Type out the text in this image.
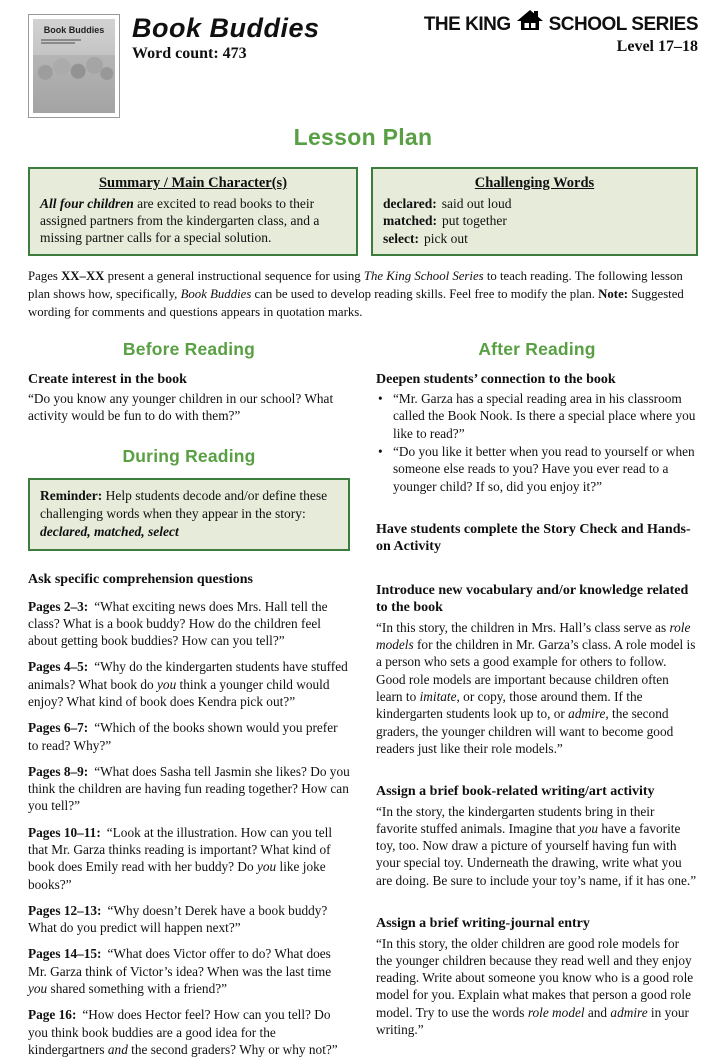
Book Buddies	Book Buddies
Word count: 473
THE KING SCHOOL SERIES
Level 17–18
Lesson Plan
Summary / Main Character(s)
All four children are excited to read books to their assigned partners from the kindergarten class, and a missing partner calls for a special solution.
Challenging Words
declared: said out loud
matched: put together
select: pick out

Pages XX–XX present a general instructional sequence for using The King School Series to teach reading. The following lesson plan shows how, specifically, Book Buddies can be used to develop reading skills. Feel free to modify the plan. Note: Suggested wording for comments and questions appears in quotation marks.

Before Reading
Create interest in the book

“Do you know any younger children in our school? What activity would be fun to do with them?”

During Reading
Reminder: Help students decode and/or define these challenging words when they appear in the story: declared, matched, select
Ask specific comprehension questions

Pages 2–3: “What exciting news does Mrs. Hall tell the class? What is a book buddy? How do the children feel about getting book buddies? How can you tell?”

Pages 4–5: “Why do the kindergarten students have stuffed animals? What book do you think a younger child would enjoy? What kind of book does Kendra pick out?”

Pages 6–7: “Which of the books shown would you prefer to read? Why?”

Pages 8–9: “What does Sasha tell Jasmin she likes? Do you think the children are having fun reading together? How can you tell?”

Pages 10–11: “Look at the illustration. How can you tell that Mr. Garza thinks reading is important? What kind of book does Emily read with her buddy? Do you like joke books?”

Pages 12–13: “Why doesn’t Derek have a book buddy? What do you predict will happen next?”

Pages 14–15: “What does Victor offer to do? What does Mr. Garza think of Victor’s idea? When was the last time you shared something with a friend?”

Page 16: “How does Hector feel? How can you tell? Do you think book buddies are a good idea for the kindergartners and the second graders? Why or why not?”

After Reading
Deepen students’ connection to the book
• “Mr. Garza has a special reading area in his classroom called the Book Nook. Is there a special place where you like to read?”
• “Do you like it better when you read to yourself or when someone else reads to you? Have you ever read to a younger child? If so, did you enjoy it?”
Have students complete the Story Check and Hands-on Activity
Introduce new vocabulary and/or knowledge related to the book

“In this story, the children in Mrs. Hall’s class serve as role models for the children in Mr. Garza’s class. A role model is a person who sets a good example for others to follow. Good role models are important because children often learn to imitate, or copy, those around them. If the kindergarten students look up to, or admire, the second graders, the younger children will want to become good readers just like their role models.”

Assign a brief book-related writing/art activity

“In the story, the kindergarten students bring in their favorite stuffed animals. Imagine that you have a favorite toy, too. Now draw a picture of yourself having fun with your special toy. Underneath the drawing, write what you are doing. Be sure to include your toy’s name, if it has one.”

Assign a brief writing-journal entry

“In this story, the older children are good role models for the younger children because they read well and they enjoy reading. Write about someone you know who is a good role model for you. Explain what makes that person a good role model. Try to use the words role model and admire in your writing.”
